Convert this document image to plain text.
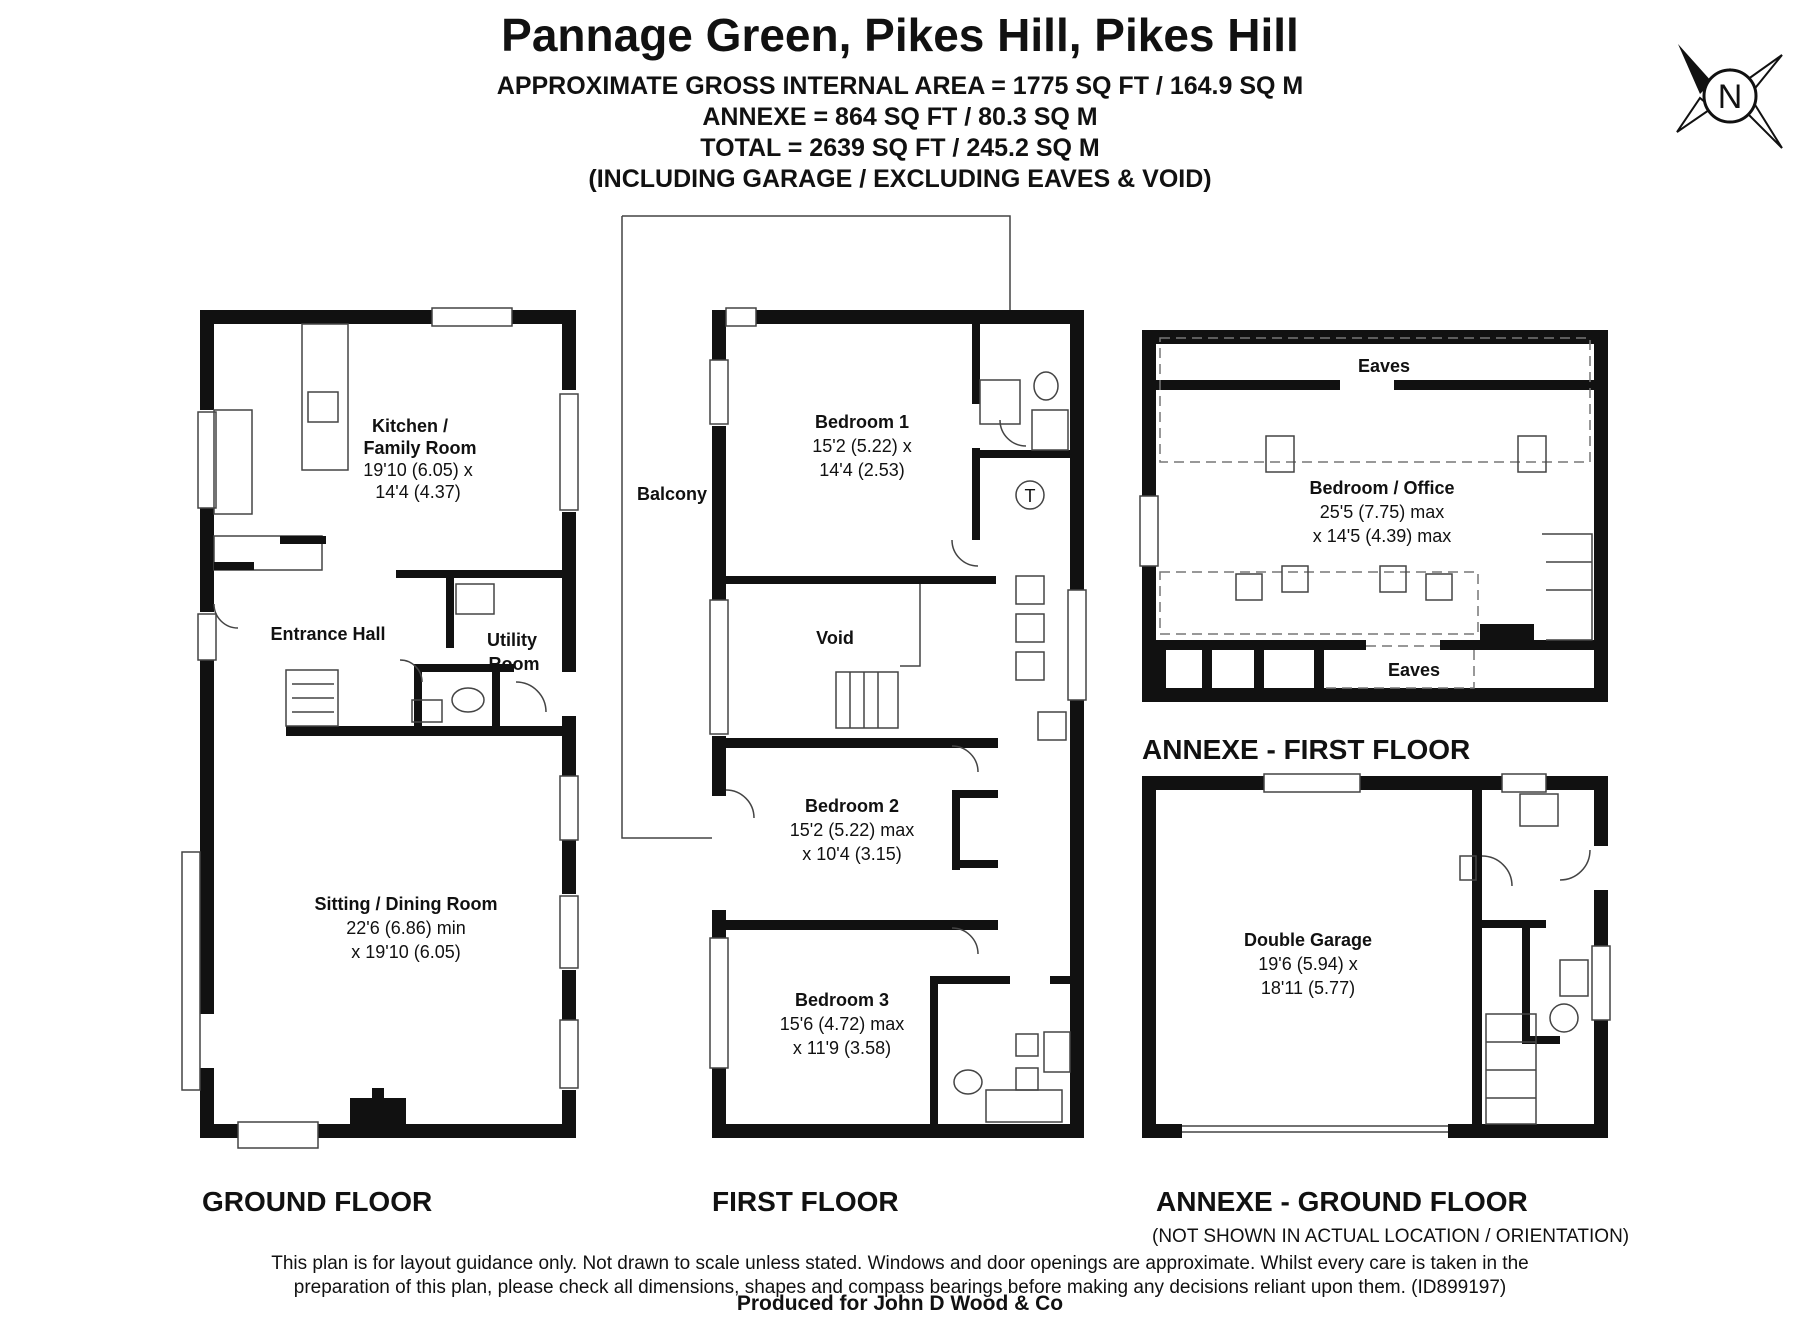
Pannage Green, Pikes Hill, Pikes Hill
APPROXIMATE GROSS INTERNAL AREA = 1775 SQ FT / 164.9 SQ M
ANNEXE = 864 SQ FT / 80.3 SQ M
TOTAL = 2639 SQ FT / 245.2 SQ M
(INCLUDING GARAGE / EXCLUDING EAVES & VOID)
N
T
Kitchen /
Family Room
19'10 (6.05) x
14'4 (4.37)
Entrance Hall	Utility
Room
Sitting / Dining Room
22'6 (6.86) min
x 19'10 (6.05)
Balcony
Bedroom 1
15'2 (5.22) x
14'4 (2.53)
Void
Bedroom 2
15'2 (5.22) max
x 10'4 (3.15)
Bedroom 3
15'6 (4.72) max
x 11'9 (3.58)
Eaves
Bedroom / Office
25'5 (7.75) max
x 14'5 (4.39) max
Eaves
Double Garage
19'6 (5.94) x
18'11 (5.77)
ANNEXE - FIRST FLOOR
GROUND FLOOR	FIRST FLOOR	ANNEXE - GROUND FLOOR
(NOT SHOWN IN ACTUAL LOCATION / ORIENTATION)
This plan is for layout guidance only. Not drawn to scale unless stated. Windows and door openings are approximate. Whilst every care is taken in the
preparation of this plan, please check all dimensions, shapes and compass bearings before making any decisions reliant upon them. (ID899197)
Produced for John D Wood & Co
